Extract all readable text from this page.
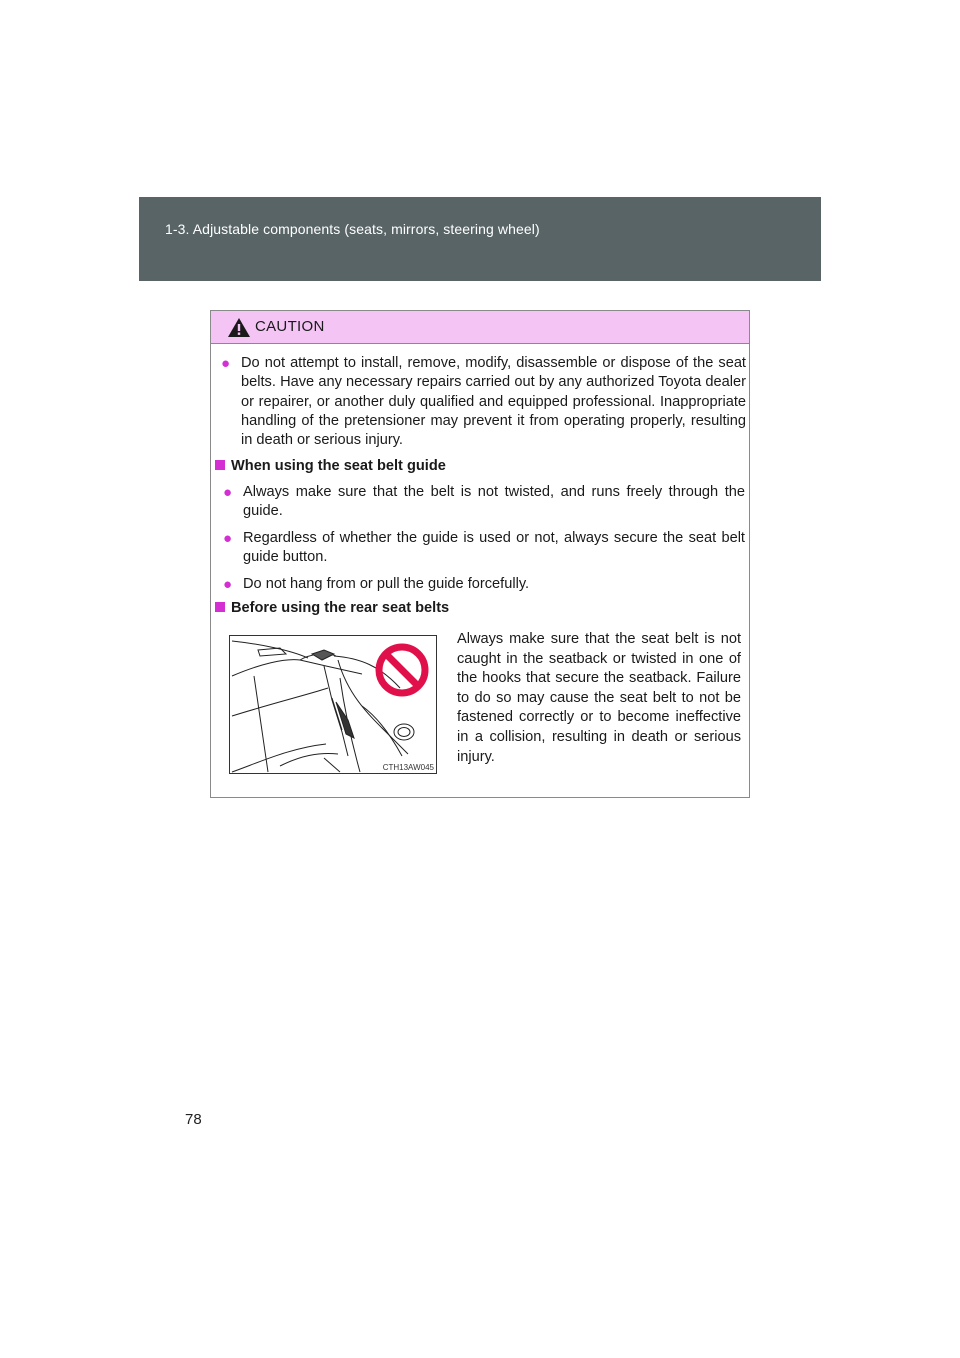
1-3. Adjustable components (seats, mirrors, steering wheel)
CAUTION
● Do not attempt to install, remove, modify, disassemble or dispose of the seat belts. Have any necessary repairs carried out by any authorized Toyota dealer or repairer, or another duly qualified and equipped professional. Inappropriate handling of the pretensioner may prevent it from operating properly, resulting in death or serious injury.
When using the seat belt guide
● Always make sure that the belt is not twisted, and runs freely through the guide.
● Regardless of whether the guide is used or not, always secure the seat belt guide button.
● Do not hang from or pull the guide forcefully.
Before using the rear seat belts
CTH13AW045
Always make sure that the seat belt is not caught in the seatback or twisted in one of the hooks that secure the seatback. Failure to do so may cause the seat belt to not be fastened correctly or to become ineffective in a collision, resulting in death or serious injury.
78
